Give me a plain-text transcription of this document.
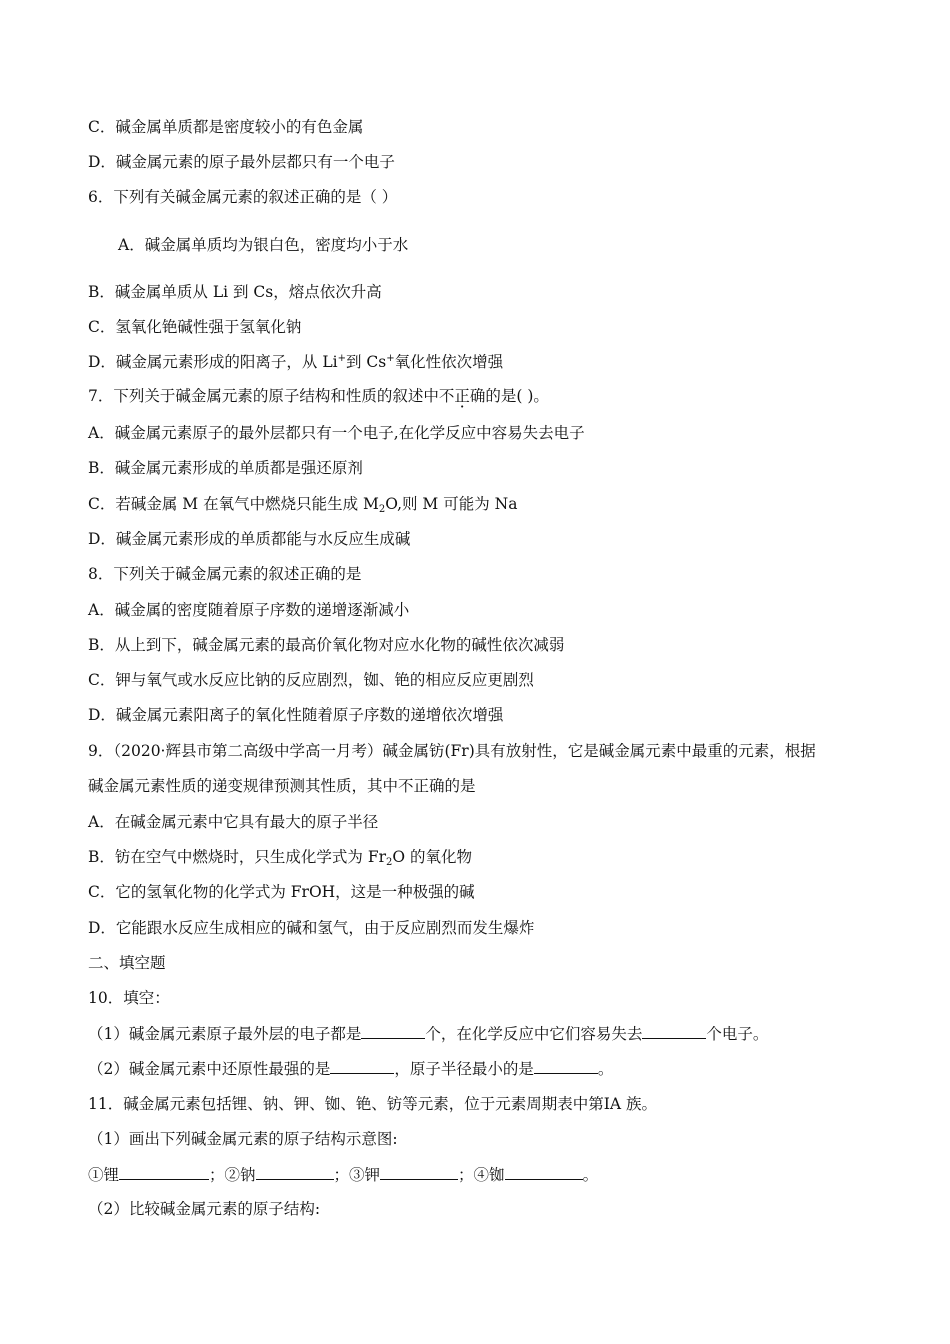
C．碱金属单质都是密度较小的有色金属
D．碱金属元素的原子最外层都只有一个电子
6．下列有关碱金属元素的叙述正确的是（ ）
A．碱金属单质均为银白色，密度均小于水
B．碱金属单质从 Li 到 Cs，熔点依次升高
C．氢氧化铯碱性强于氢氧化钠
D．碱金属元素形成的阳离子，从 Li+到 Cs+氧化性依次增强
7．下列关于碱金属元素的原子结构和性质的叙述中不正确的是( )。
A．碱金属元素原子的最外层都只有一个电子,在化学反应中容易失去电子
B．碱金属元素形成的单质都是强还原剂
C．若碱金属 M 在氧气中燃烧只能生成 $M_2O$,则 M 可能为 Na
D．碱金属元素形成的单质都能与水反应生成碱
8．下列关于碱金属元素的叙述正确的是
A．碱金属的密度随着原子序数的递增逐渐减小
B．从上到下，碱金属元素的最高价氧化物对应水化物的碱性依次减弱
C．钾与氧气或水反应比钠的反应剧烈，铷、铯的相应反应更剧烈
D．碱金属元素阳离子的氧化性随着原子序数的递增依次增强
9．（2020·辉县市第二高级中学高一月考）碱金属钫(Fr)具有放射性，它是碱金属元素中最重的元素，根据
碱金属元素性质的递变规律预测其性质，其中不正确的是
A．在碱金属元素中它具有最大的原子半径
B．钫在空气中燃烧时，只生成化学式为 $Fr_2O$ 的氧化物
C．它的氢氧化物的化学式为 FrOH，这是一种极强的碱
D．它能跟水反应生成相应的碱和氢气，由于反应剧烈而发生爆炸
二、填空题
10．填空：
（1）碱金属元素原子最外层的电子都是	个，在化学反应中它们容易失去	个电子。
（2）碱金属元素中还原性最强的是	，原子半径最小的是	。
11．碱金属元素包括锂、钠、钾、铷、铯、钫等元素，位于元素周期表中第ⅠA 族。
（1）画出下列碱金属元素的原子结构示意图:
①锂	；②钠	；③钾	；④铷	。
（2）比较碱金属元素的原子结构:
